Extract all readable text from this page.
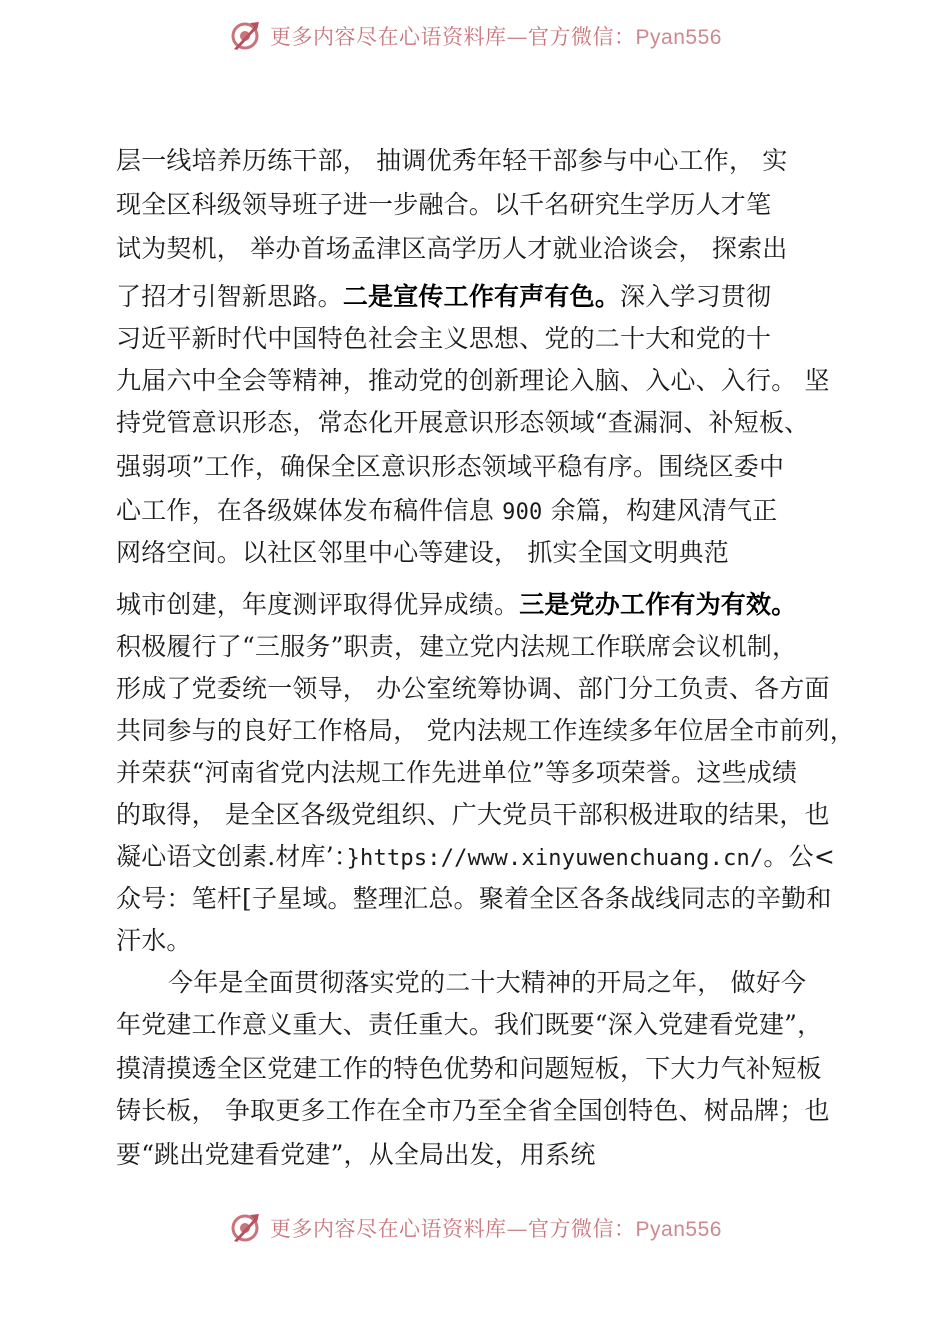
更多内容尽在心语资料库—官方微信：Pyan556
层一线培养历练干部， 抽调优秀年轻干部参与中心工作， 实
现全区科级领导班子进一步融合。以千名研究生学历人才笔
试为契机， 举办首场孟津区高学历人才就业洽谈会， 探索出
了招才引智新思路。二是宣传工作有声有色。深入学习贯彻
习近平新时代中国特色社会主义思想、党的二十大和党的十
九届六中全会等精神，推动党的创新理论入脑、入心、入行。 坚
持党管意识形态，常态化开展意识形态领域“查漏洞、补短板、
强弱项”工作，确保全区意识形态领域平稳有序。围绕区委中
心工作，在各级媒体发布稿件信息 900 余篇，构建风清气正
网络空间。以社区邻里中心等建设， 抓实全国文明典范
城市创建，年度测评取得优异成绩。三是党办工作有为有效。
积极履行了“三服务”职责，建立党内法规工作联席会议机制，
形成了党委统一领导， 办公室统筹协调、部门分工负责、各方面
共同参与的良好工作格局， 党内法规工作连续多年位居全市前列，
并荣获“河南省党内法规工作先进单位”等多项荣誉。这些成绩
的取得， 是全区各级党组织、广大党员干部积极进取的结果，也
凝心语文创素.材库’：}https://www.xinyuwenchuang.cn/。公<
众号：笔杆[子星域。整理汇总。聚着全区各条战线同志的辛勤和
汗水。
今年是全面贯彻落实党的二十大精神的开局之年， 做好今
年党建工作意义重大、责任重大。我们既要“深入党建看党建”，
摸清摸透全区党建工作的特色优势和问题短板，下大力气补短板
铸长板， 争取更多工作在全市乃至全省全国创特色、树品牌；也
要“跳出党建看党建”，从全局出发，用系统
更多内容尽在心语资料库—官方微信：Pyan556
